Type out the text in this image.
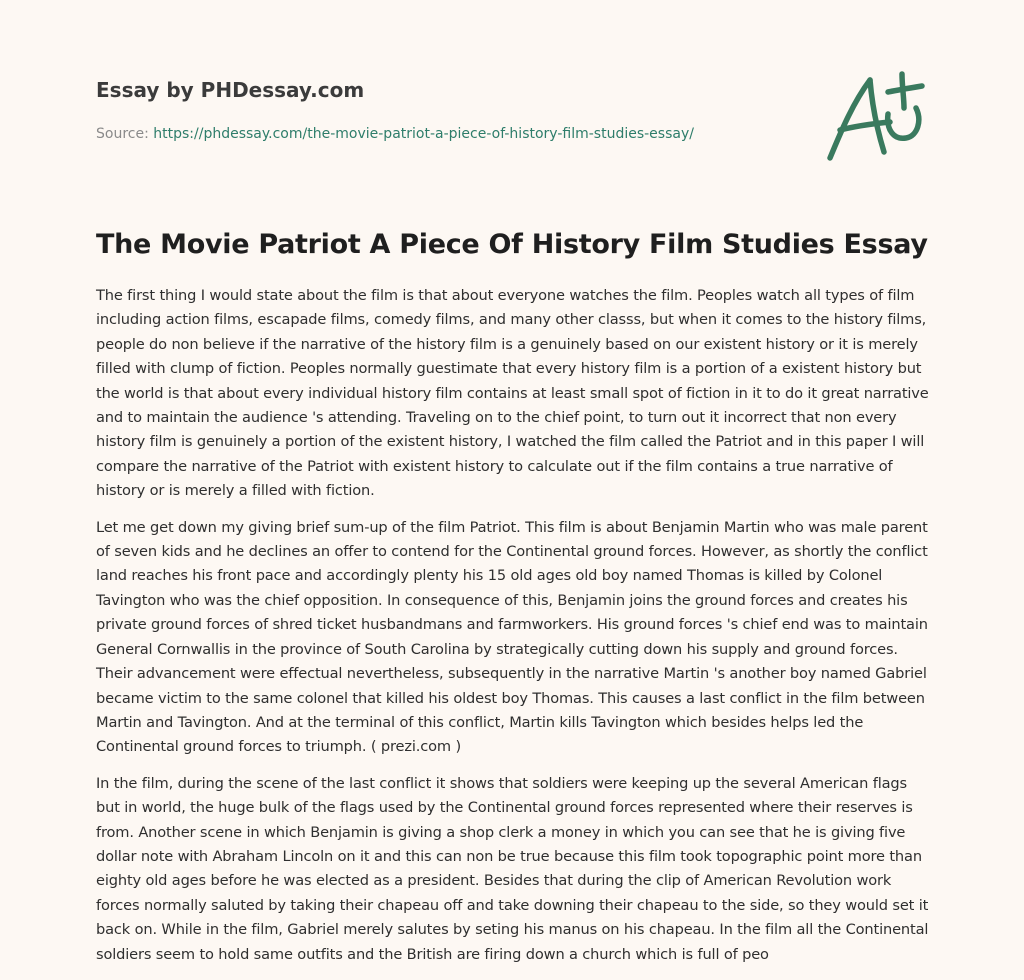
Essay by PHDessay.com
Source: https://phdessay.com/the-movie-patriot-a-piece-of-history-film-studies-essay/
The Movie Patriot A Piece Of History Film Studies Essay

The first thing I would state about the film is that about everyone watches the film. Peoples watch all types of film including action films, escapade films, comedy films, and many other classs, but when it comes to the history films, people do non believe if the narrative of the history film is a genuinely based on our existent history or it is merely filled with clump of fiction. Peoples normally guestimate that every history film is a portion of a existent history but the world is that about every individual history film contains at least small spot of fiction in it to do it great narrative and to maintain the audience 's attending. Traveling on to the chief point, to turn out it incorrect that non every history film is genuinely a portion of the existent history, I watched the film called the Patriot and in this paper I will compare the narrative of the Patriot with existent history to calculate out if the film contains a true narrative of history or is merely a filled with fiction.

Let me get down my giving brief sum-up of the film Patriot. This film is about Benjamin Martin who was male parent of seven kids and he declines an offer to contend for the Continental ground forces. However, as shortly the conflict land reaches his front pace and accordingly plenty his 15 old ages old boy named Thomas is killed by Colonel Tavington who was the chief opposition. In consequence of this, Benjamin joins the ground forces and creates his private ground forces of shred ticket husbandmans and farmworkers. His ground forces 's chief end was to maintain General Cornwallis in the province of South Carolina by strategically cutting down his supply and ground forces. Their advancement were effectual nevertheless, subsequently in the narrative Martin 's another boy named Gabriel became victim to the same colonel that killed his oldest boy Thomas. This causes a last conflict in the film between Martin and Tavington. And at the terminal of this conflict, Martin kills Tavington which besides helps led the Continental ground forces to triumph. ( prezi.com )

In the film, during the scene of the last conflict it shows that soldiers were keeping up the several American flags but in world, the huge bulk of the flags used by the Continental ground forces represented where their reserves is from. Another scene in which Benjamin is giving a shop clerk a money in which you can see that he is giving five dollar note with Abraham Lincoln on it and this can non be true because this film took topographic point more than eighty old ages before he was elected as a president. Besides that during the clip of American Revolution work forces normally saluted by taking their chapeau off and take downing their chapeau to the side, so they would set it back on. While in the film, Gabriel merely salutes by seting his manus on his chapeau. In the film all the Continental soldiers seem to hold same outfits and the British are firing down a church which is full of peo
